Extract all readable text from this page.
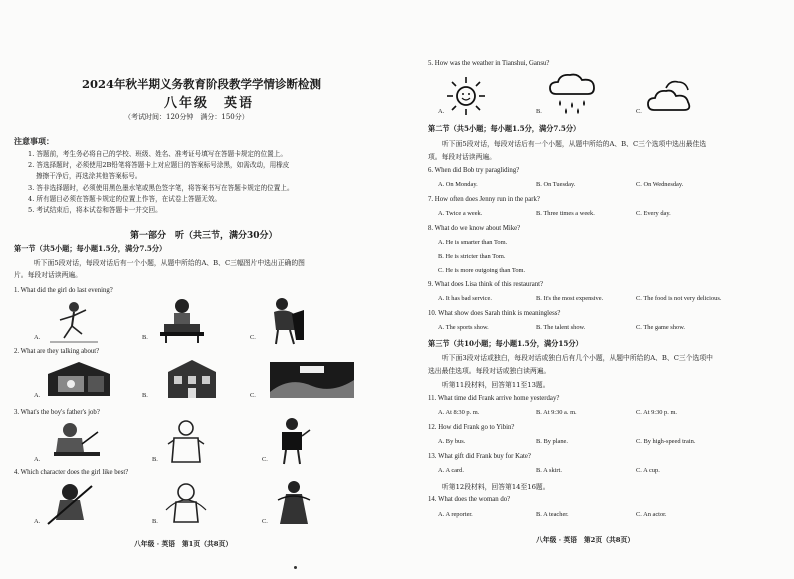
2024年秋半期义务教育阶段教学学情诊断检测
八年级　英语
（考试时间：120分钟　满分：150分）
注意事项：
1. 答题前，考生务必将自己的学校、班级、姓名、准考证号填写在答题卡规定的位置上。
2. 答选择题时，必须使用2B铅笔将答题卡上对应题目的答案标号涂黑，如需改动，用橡皮
擦擦干净后，再选涂其他答案标号。
3. 答非选择题时，必须使用黑色墨水笔或黑色签字笔，将答案书写在答题卡规定的位置上。
4. 所有题目必须在答题卡规定的位置上作答，在试卷上答题无效。
5. 考试结束后，将本试卷和答题卡一并交回。
第一部分　听（共三节，满分30分）
第一节（共5小题；每小题1.5分，满分7.5分）
听下面5段对话，每段对话后有一个小题，从题中所给的A、B、C三幅图片中选出正确的图
片。每段对话读两遍。
1. What did the girl do last evening?
A.	B.	C.
2. What are they talking about?
A.	B.	C.
3. What's the boy's father's job?
A.	B.	C.
4. Which character does the girl like best?
A.	B.	C.
八年级 · 英语　第1页（共8页）
5. How was the weather in Tianshui, Gansu?
A.	B.	C.
第二节（共5小题；每小题1.5分，满分7.5分）
听下面5段对话，每段对话后有一个小题，从题中所给的A、B、C三个选项中选出最佳选
项。每段对话读两遍。
6. When did Bob try paragliding?
A. On Monday.	B. On Tuesday.	C. On Wednesday.
7. How often does Jenny run in the park?
A. Twice a week.	B. Three times a week.	C. Every day.
8. What do we know about Mike?
A. He is smarter than Tom.
B. He is stricter than Tom.
C. He is more outgoing than Tom.
9. What does Lisa think of this restaurant?
A. It has bad service.	B. It's the most expensive.	C. The food is not very delicious.
10. What show does Sarah think is meaningless?
A. The sports show.	B. The talent show.	C. The game show.
第三节（共10小题；每小题1.5分，满分15分）
听下面3段对话或独白，每段对话或独白后有几个小题，从题中所给的A、B、C三个选项中
选出最佳选项。每段对话或独白读两遍。
听第11段材料，回答第11至13题。
11. What time did Frank arrive home yesterday?
A. At 8:30 p. m.	B. At 9:30 a. m.	C. At 9:30 p. m.
12. How did Frank go to Yibin?
A. By bus.	B. By plane.	C. By high-speed train.
13. What gift did Frank buy for Kate?
A. A card.	B. A skirt.	C. A cup.
听第12段材料，回答第14至16题。
14. What does the woman do?
A. A reporter.	B. A teacher.	C. An actor.
八年级 · 英语　第2页（共8页）
